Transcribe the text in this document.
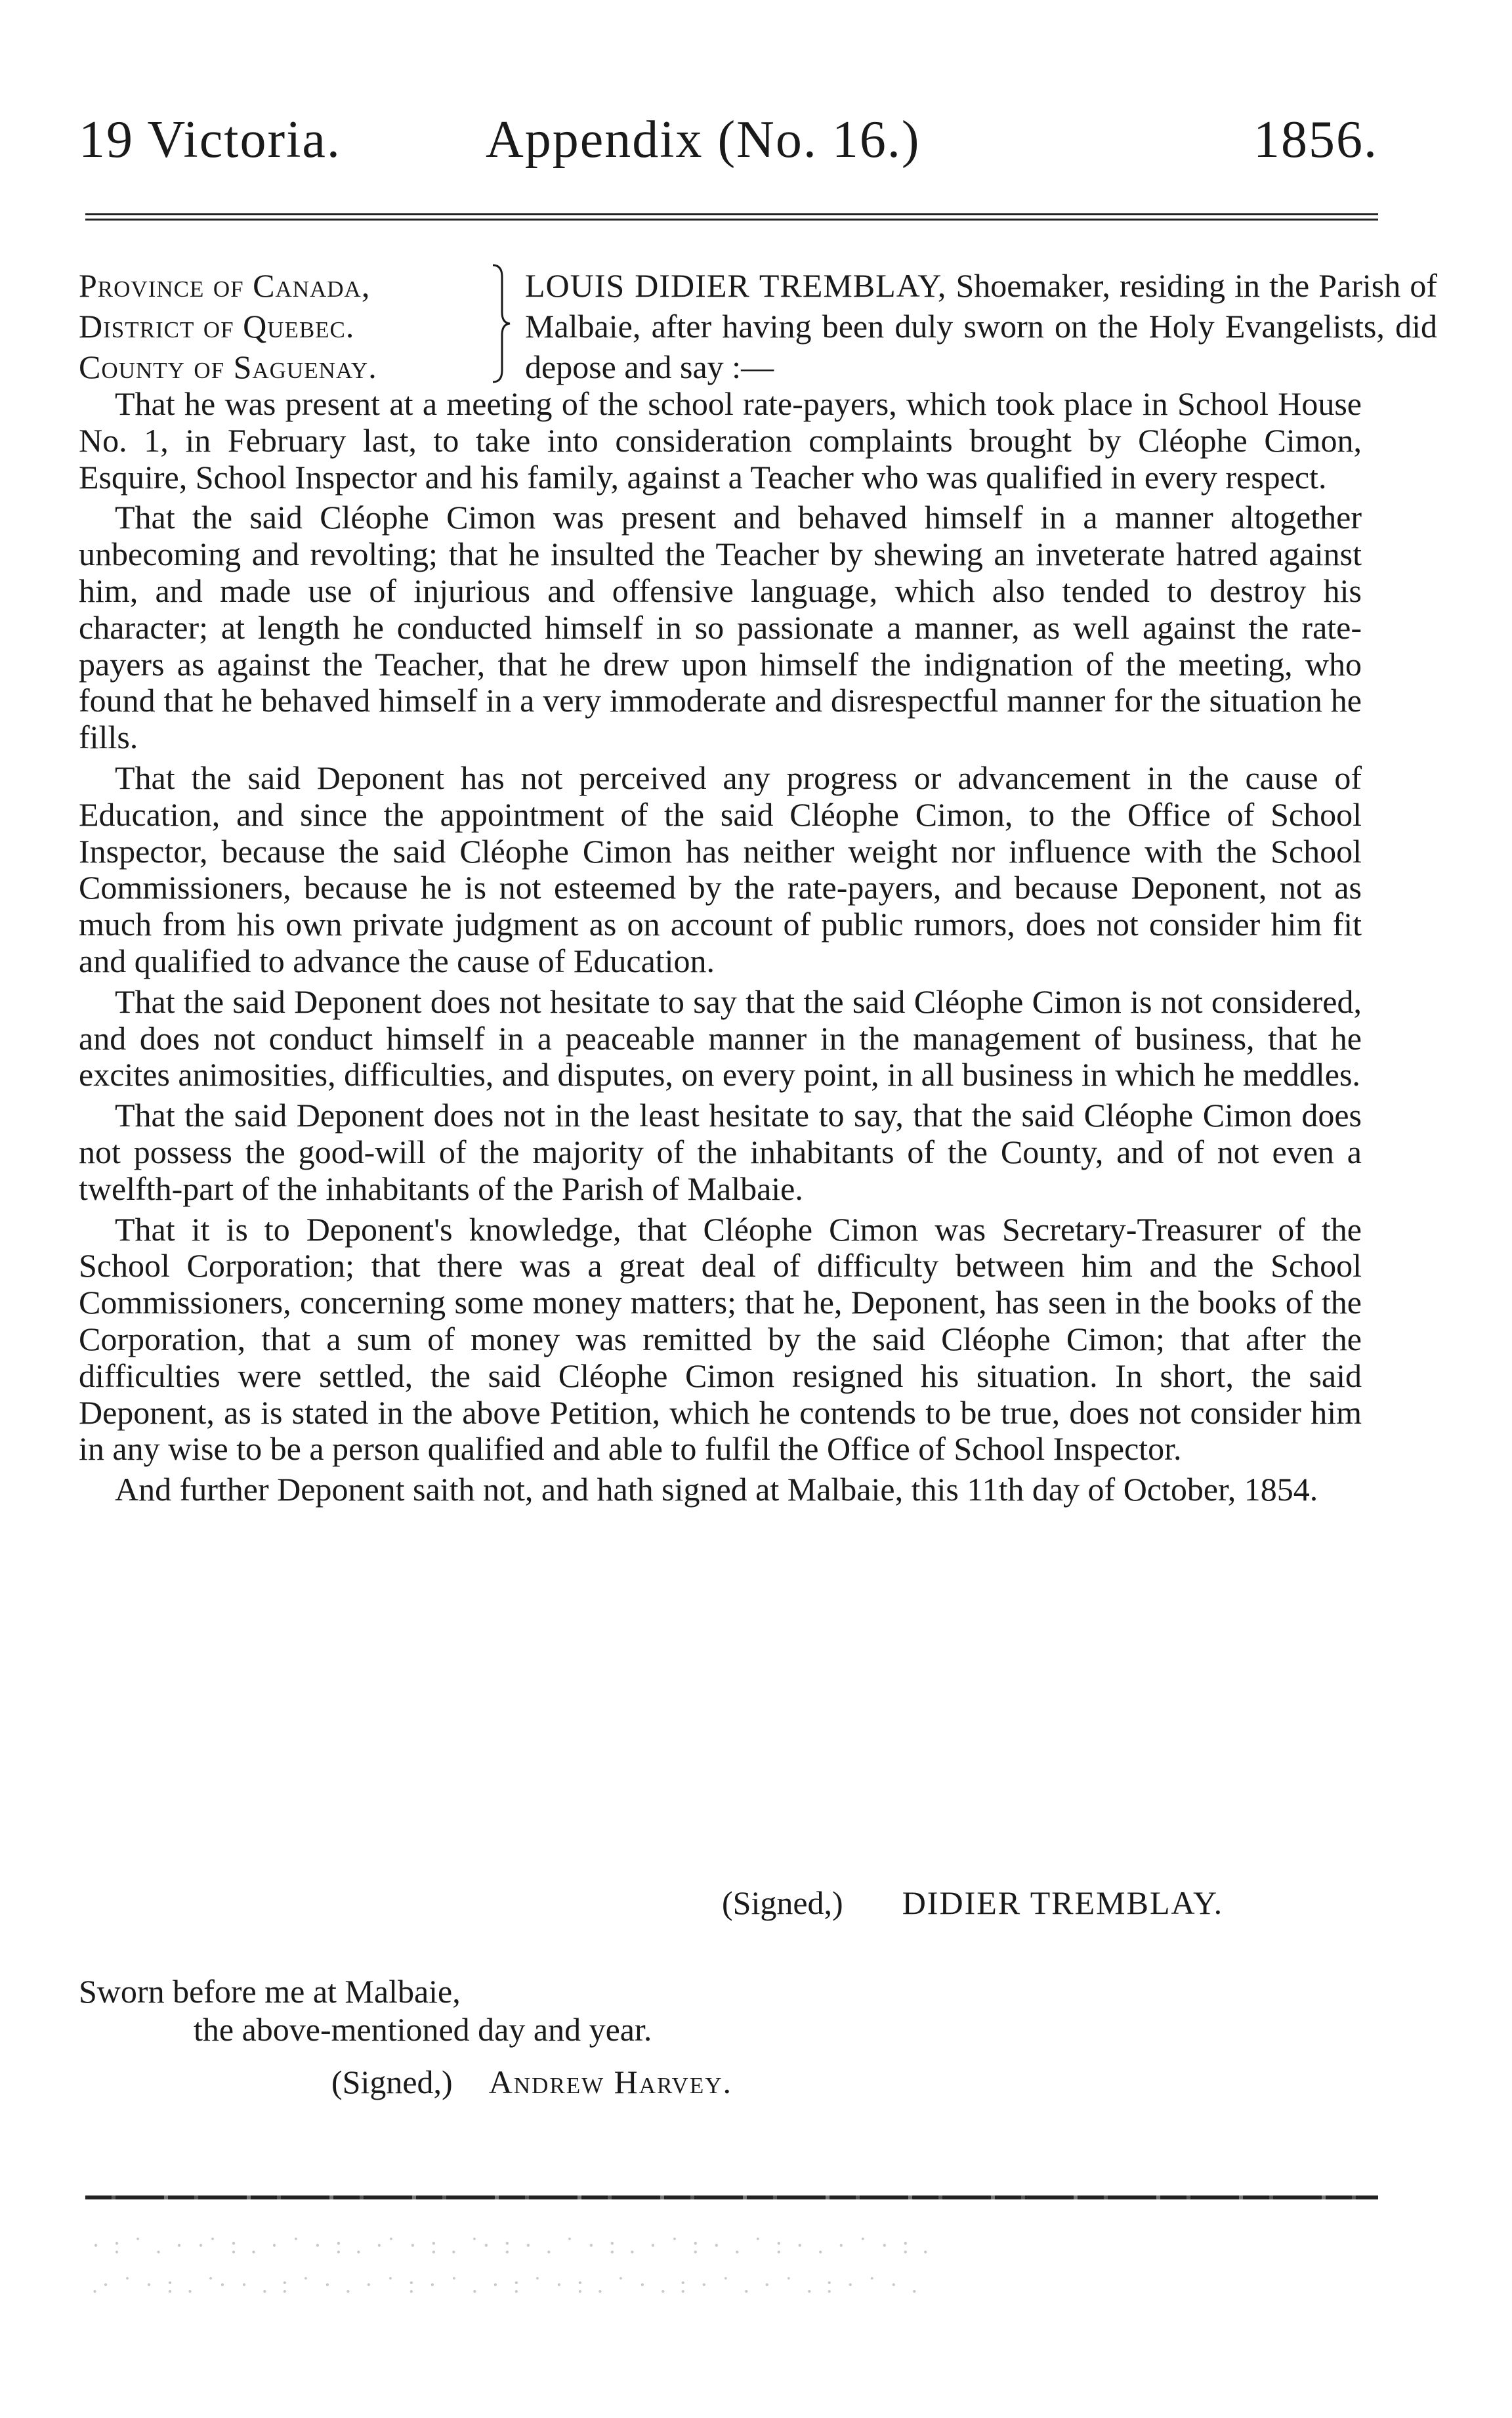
19 Victoria.	Appendix (No. 16.)	1856.
Province of Canada,
District of Quebec.
County of Saguenay.
LOUIS DIDIER TREMBLAY, Shoemaker, residing in the Parish of Malbaie, after having been duly sworn on the Holy Evangelists, did depose and say :—

That he was present at a meeting of the school rate-payers, which took place in School House No. 1, in February last, to take into consideration complaints brought by Cléophe Cimon, Esquire, School Inspector and his family, against a Teacher who was qualified in every respect.

That the said Cléophe Cimon was present and behaved himself in a manner altogether unbecoming and revolting; that he insulted the Teacher by shewing an inveterate hatred against him, and made use of injurious and offensive language, which also tended to destroy his character; at length he conducted himself in so passionate a manner, as well against the rate-payers as against the Teacher, that he drew upon himself the indignation of the meeting, who found that he behaved himself in a very immoderate and disrespectful manner for the situation he fills.

That the said Deponent has not perceived any progress or advancement in the cause of Education, and since the appointment of the said Cléophe Cimon, to the Office of School Inspector, because the said Cléophe Cimon has neither weight nor influence with the School Commissioners, because he is not esteemed by the rate-payers, and because Deponent, not as much from his own private judgment as on account of public rumors, does not consider him fit and qualified to advance the cause of Education.

That the said Deponent does not hesitate to say that the said Cléophe Cimon is not considered, and does not conduct himself in a peaceable manner in the management of business, that he excites animosities, difficulties, and disputes, on every point, in all business in which he meddles.

That the said Deponent does not in the least hesitate to say, that the said Cléophe Cimon does not possess the good-will of the majority of the inhabitants of the County, and of not even a twelfth-part of the inhabitants of the Parish of Malbaie.

That it is to Deponent's knowledge, that Cléophe Cimon was Secretary-Treasurer of the School Corporation; that there was a great deal of difficulty between him and the School Commissioners, concerning some money matters; that he, Deponent, has seen in the books of the Corporation, that a sum of money was remitted by the said Cléophe Cimon; that after the difficulties were settled, the said Cléophe Cimon resigned his situation. In short, the said Deponent, as is stated in the above Petition, which he contends to be true, does not consider him in any wise to be a person qualified and able to fulfil the Office of School Inspector.

And further Deponent saith not, and hath signed at Malbaie, this 11th day of October, 1854.

(Signed,) DIDIER TREMBLAY.
Sworn before me at Malbaie,
the above-mentioned day and year.
(Signed,) Andrew Harvey.
· : ˙ . · ·˙ : . · ˙ · : . ·˙ · : . ˙· : · . ˙ · : . · ˙ : · . ˙ : · . · ˙ · : .
.· ˙ · : . ˙· · . : ˙ · . · ˙ : · ˙ . · : ˙ · : . ˙ · . : · ˙ . · ˙ . : · ˙ · .
